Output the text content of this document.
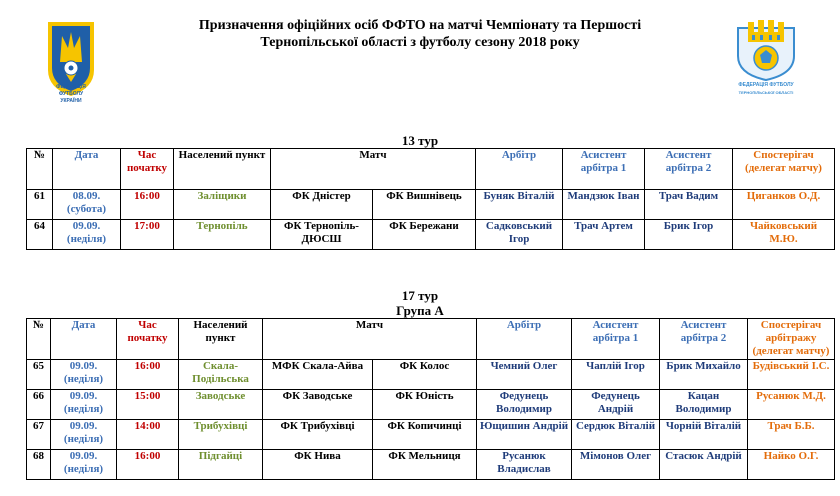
ФЕДЕРАЦІЯ
ФУТБОЛУ
УКРАЇНИ
ФЕДЕРАЦІЯ ФУТБОЛУ
ТЕРНОПІЛЬСЬКОЇ ОБЛАСТІ
Призначення офіційних осіб ФФТО на матчі Чемпіонату та Першості
Тернопільської області з футболу сезону 2018 року
13 тур
№	Дата	Час початку	Населений пункт	Матч		Арбітр	Асистент арбітра 1	Асистент арбітра 2	Спостерігач (делегат матчу)
61	08.09. (субота)	16:00	Заліщики	ФК Дністер	ФК Вишнівець	Буняк Віталій	Мандзюк Іван	Трач Вадим	Циганков О.Д.
64	09.09. (неділя)	17:00	Тернопіль	ФК Тернопіль-ДЮСШ	ФК Бережани	Садковський Ігор	Трач Артем	Брик Ігор	Чайковський М.Ю.
17 тур
Група А
№	Дата	Час початку	Населений пункт	Матч		Арбітр	Асистент арбітра 1	Асистент арбітра 2	Спостерігач арбітражу (делегат матчу)
65	09.09. (неділя)	16:00	Скала-Подільська	МФК Скала-Айва	ФК Колос	Чемний Олег	Чаплій Ігор	Брик Михайло	Будівський І.С.
66	09.09. (неділя)	15:00	Заводське	ФК Заводське	ФК Юність	Федунець Володимир	Федунець Андрій	Кацан Володимир	Русанюк М.Д.
67	09.09. (неділя)	14:00	Трибухівці	ФК Трибухівці	ФК Копичинці	Ющишин Андрій	Сердюк Віталій	Чорній Віталій	Трач Б.Б.
68	09.09. (неділя)	16:00	Підгайці	ФК Нива	ФК Мельниця	Русанюк Владислав	Мімонов Олег	Стасюк Андрій	Найко О.Г.
